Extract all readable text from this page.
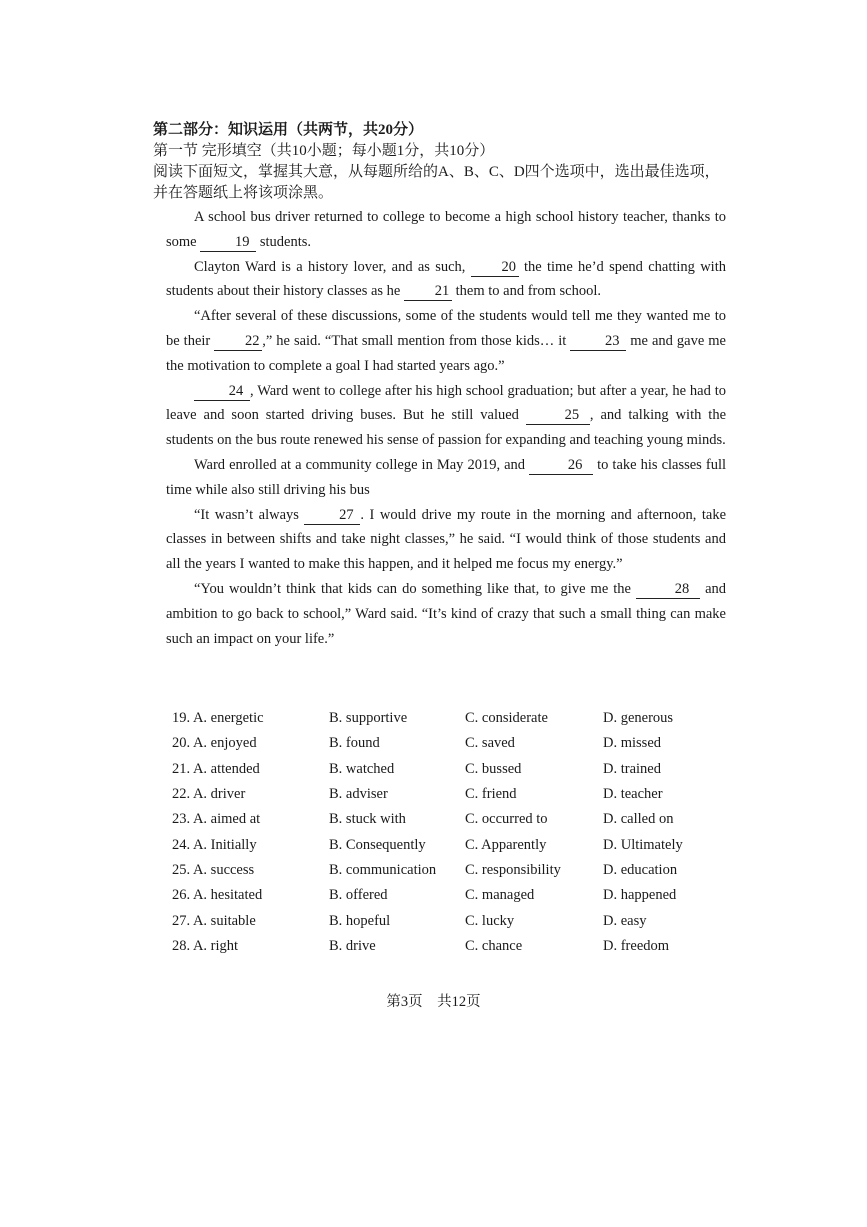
第二部分：知识运用（共两节，共20分）
第一节 完形填空（共10小题；每小题1分，共10分）
阅读下面短文，掌握其大意，从每题所给的A、B、C、D四个选项中，选出最佳选项，并在答题纸上将该项涂黑。

A school bus driver returned to college to become a high school history teacher, thanks to some 19 students.

Clayton Ward is a history lover, and as such, 20 the time he’d spend chatting with students about their history classes as he 21 them to and from school.

“After several of these discussions, some of the students would tell me they wanted me to be their 22 ,” he said. “That small mention from those kids… it 23 me and gave me the motivation to complete a goal I had started years ago.”

24 , Ward went to college after his high school graduation; but after a year, he had to leave and soon started driving buses. But he still valued	25 , and talking with the students on the bus route renewed his sense of passion for expanding and teaching young minds.

Ward enrolled at a community college in May 2019, and	26 to take his classes full time while also still driving his bus

“It wasn’t always 27 . I would drive my route in the morning and afternoon, take classes in between shifts and take night classes,” he said. “I would think of those students and all the years I wanted to make this happen, and it helped me focus my energy.”

“You wouldn’t think that kids can do something like that, to give me the	28 and ambition to go back to school,” Ward said. “It’s kind of crazy that such a small thing can make such an impact on your life.”

19. A. energetic	B. supportive	C. considerate	D. generous
20. A. enjoyed	B. found	C. saved	D. missed
21. A. attended	B. watched	C. bussed	D. trained
22. A. driver	B. adviser	C. friend	D. teacher
23. A. aimed at	B. stuck with	C. occurred to	D. called on
24. A. Initially	B. Consequently	C. Apparently	D. Ultimately
25. A. success	B. communication	C. responsibility	D. education
26. A. hesitated	B. offered	C. managed	D. happened
27. A. suitable	B. hopeful	C. lucky	D. easy
28. A. right	B. drive	C. chance	D. freedom
第3页　共12页
